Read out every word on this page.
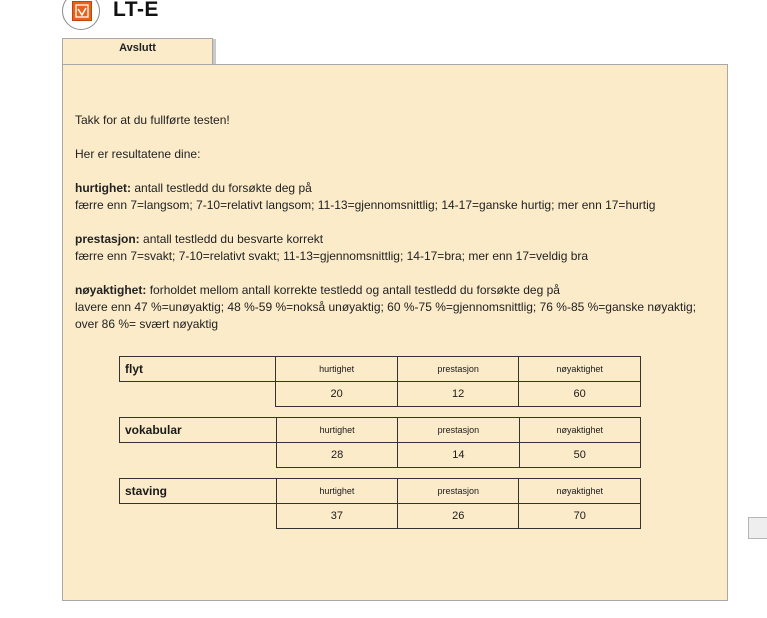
LT-E
Avslutt

Takk for at du fullførte testen!

Her er resultatene dine:

hurtighet: antall testledd du forsøkte deg på

færre enn 7=langsom; 7-10=relativt langsom; 11-13=gjennomsnittlig; 14-17=ganske hurtig; mer enn 17=hurtig

prestasjon: antall testledd du besvarte korrekt

færre enn 7=svakt; 7-10=relativt svakt; 11-13=gjennomsnittlig; 14-17=bra; mer enn 17=veldig bra

nøyaktighet: forholdet mellom antall korrekte testledd og antall testledd du forsøkte deg på

lavere enn 47 %=unøyaktig; 48 %-59 %=nokså unøyaktig; 60 %-75 %=gjennomsnittlig; 76 %-85 %=ganske nøyaktig;

over 86 %= svært nøyaktig

flyt	hurtighet	prestasjon	nøyaktighet
	20	12	60
vokabular	hurtighet	prestasjon	nøyaktighet
	28	14	50
staving	hurtighet	prestasjon	nøyaktighet
	37	26	70
